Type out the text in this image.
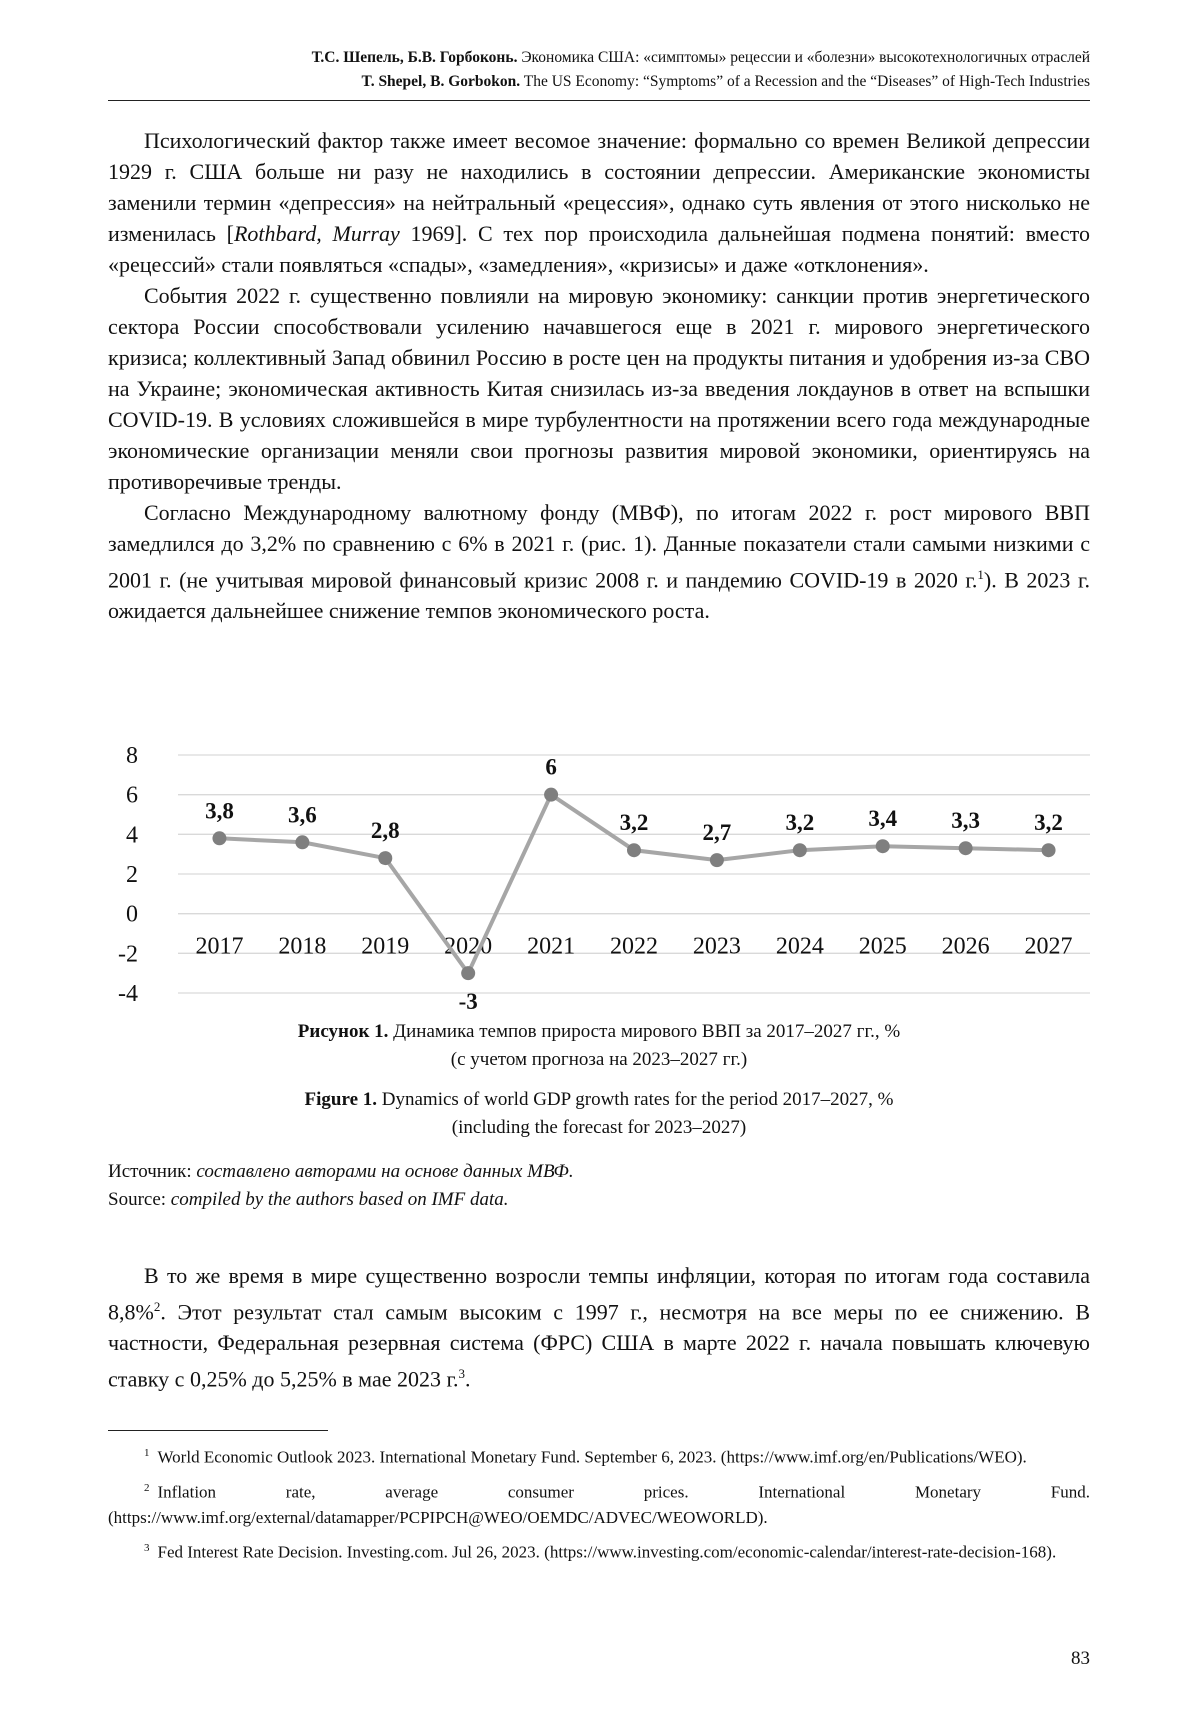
Т.С. Шепель, Б.В. Горбоконь. Экономика США: «симптомы» рецессии и «болезни» высокотехнологичных отраслей
T. Shepel, B. Gorbokon. The US Economy: “Symptoms” of a Recession and the “Diseases” of High-Tech Industries

Психологический фактор также имеет весомое значение: формально со времен Великой депрессии 1929 г. США больше ни разу не находились в состоянии депрессии. Американские экономисты заменили термин «депрессия» на нейтральный «рецессия», однако суть явления от этого нисколько не изменилась [Rothbard, Murray 1969]. С тех пор происходила дальнейшая подмена понятий: вместо «рецессий» стали появляться «спады», «замедления», «кризисы» и даже «отклонения».

События 2022 г. существенно повлияли на мировую экономику: санкции против энергетического сектора России способствовали усилению начавшегося еще в 2021 г. мирового энергетического кризиса; коллективный Запад обвинил Россию в росте цен на продукты питания и удобрения из-за СВО на Украине; экономическая активность Китая снизилась из-за введения локдаунов в ответ на вспышки COVID-19. В условиях сложившейся в мире турбулентности на протяжении всего года международные экономические организации меняли свои прогнозы развития мировой экономики, ориентируясь на противоречивые тренды.

Согласно Международному валютному фонду (МВФ), по итогам 2022 г. рост мирового ВВП замедлился до 3,2% по сравнению с 6% в 2021 г. (рис. 1). Данные показатели стали самыми низкими с 2001 г. (не учитывая мировой финансовый кризис 2008 г. и пандемию COVID-19 в 2020 г.$^1$). В 2023 г. ожидается дальнейшее снижение темпов экономического роста.

-4
-2
0
2
4
6
8
2017 2018 2019 2020 2021 2022 2023 2024 2025 2026 2027
3,8 3,6
2,8
-3
6
3,2 2,7 3,2 3,4 3,3 3,2
Рисунок 1. Динамика темпов прироста мирового ВВП за 2017–2027 гг., %
(с учетом прогноза на 2023–2027 гг.)
Figure 1. Dynamics of world GDP growth rates for the period 2017–2027, %
(including the forecast for 2023–2027)
Источник: составлено авторами на основе данных МВФ.
Source: compiled by the authors based on IMF data.

В то же время в мире существенно возросли темпы инфляции, которая по итогам года составила 8,8%$^2$. Этот результат стал самым высоким с 1997 г., несмотря на все меры по ее снижению. В частности, Федеральная резервная система (ФРС) США в марте 2022 г. начала повышать ключевую ставку с 0,25% до 5,25% в мае 2023 г.$^3$.

$^1$ World Economic Outlook 2023. International Monetary Fund. September 6, 2023. (https://www.imf.org/en/Publications/WEO).

$^2$ Inflation rate, average consumer prices. International Monetary Fund. (https://www.imf.org/external/datamapper/PCPIPCH@WEO/OEMDC/ADVEC/WEOWORLD).

$^3$ Fed Interest Rate Decision. Investing.com. Jul 26, 2023. (https://www.investing.com/economic-calendar/interest-rate-decision-168).

83
